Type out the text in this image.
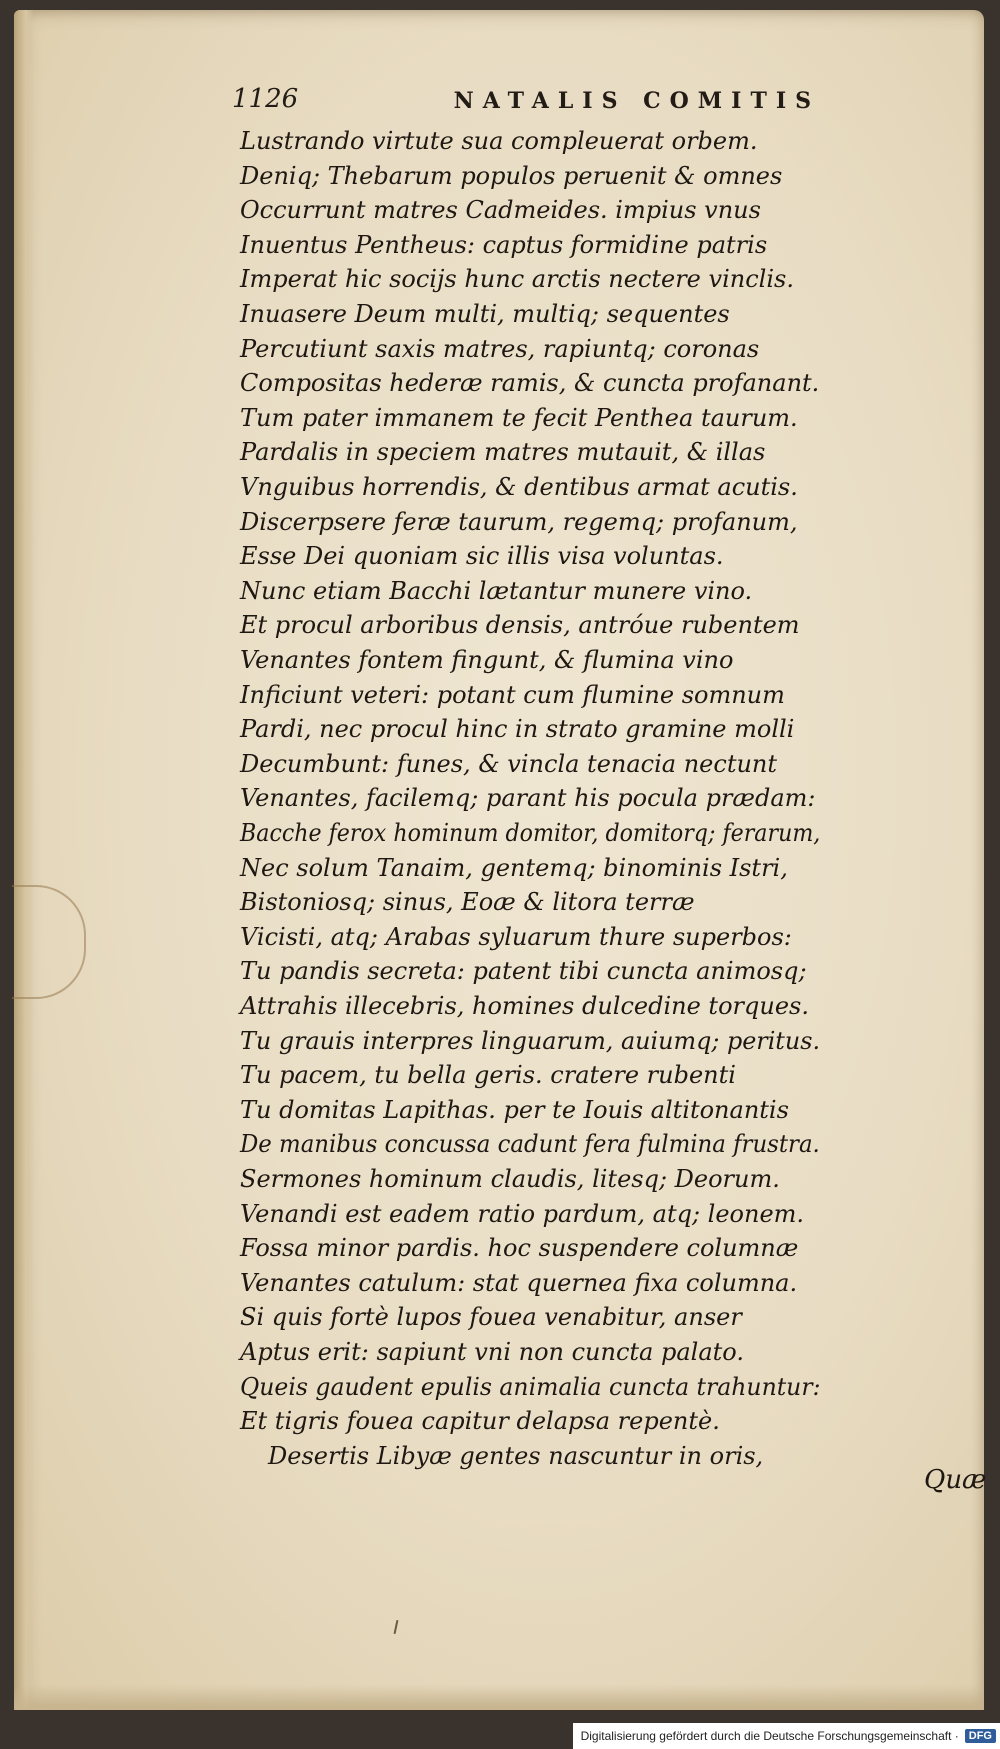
1126	NATALIS COMITIS
Lustrando virtute sua compleuerat orbem.
Deniq; Thebarum populos peruenit & omnes
Occurrunt matres Cadmeides. impius vnus
Inuentus Pentheus: captus formidine patris
Imperat hic socijs hunc arctis nectere vinclis.
Inuasere Deum multi, multiq; sequentes
Percutiunt saxis matres, rapiuntq; coronas
Compositas hederæ ramis, & cuncta profanant.
Tum pater immanem te fecit Penthea taurum.
Pardalis in speciem matres mutauit, & illas
Vnguibus horrendis, & dentibus armat acutis.
Discerpsere feræ taurum, regemq; profanum,
Esse Dei quoniam sic illis visa voluntas.
Nunc etiam Bacchi lætantur munere vino.
Et procul arboribus densis, antróue rubentem
Venantes fontem fingunt, & flumina vino
Inficiunt veteri: potant cum flumine somnum
Pardi, nec procul hinc in strato gramine molli
Decumbunt: funes, & vincla tenacia nectunt
Venantes, facilemq; parant his pocula prædam:
Bacche ferox hominum domitor, domitorq; ferarum,
Nec solum Tanaim, gentemq; binominis Istri,
Bistoniosq; sinus, Eoæ & litora terræ
Vicisti, atq; Arabas syluarum thure superbos:
Tu pandis secreta: patent tibi cuncta animosq;
Attrahis illecebris, homines dulcedine torques.
Tu grauis interpres linguarum, auiumq; peritus.
Tu pacem, tu bella geris. cratere rubenti
Tu domitas Lapithas. per te Iouis altitonantis
De manibus concussa cadunt fera fulmina frustra.
Sermones hominum claudis, litesq; Deorum.
Venandi est eadem ratio pardum, atq; leonem.
Fossa minor pardis. hoc suspendere columnæ
Venantes catulum: stat quernea fixa columna.
Si quis fortè lupos fouea venabitur, anser
Aptus erit: sapiunt vni non cuncta palato.
Queis gaudent epulis animalia cuncta trahuntur:
Et tigris fouea capitur delapsa repentè.
Desertis Libyæ gentes nascuntur in oris,
Quæ
Digitalisierung gefördert durch die Deutsche Forschungsgemeinschaft · DFG
